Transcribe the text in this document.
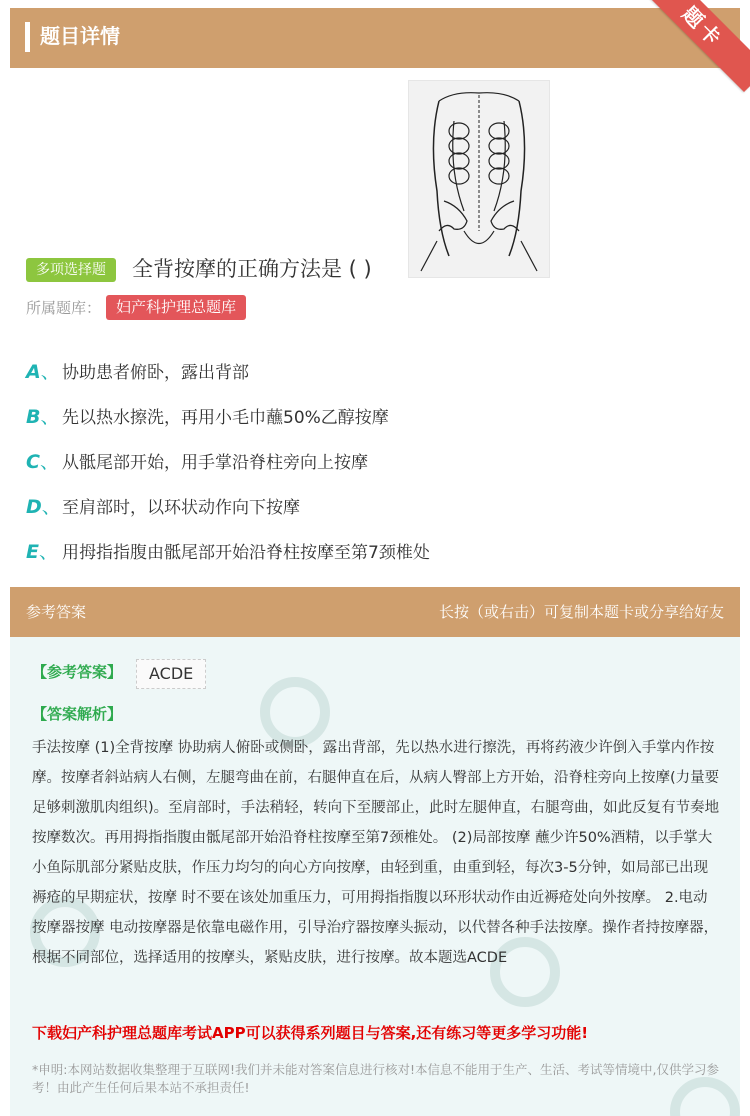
题目详情	题卡
多项选择题	全背按摩的正确方法是 ( )
所属题库： 妇产科护理总题库
A、 协助患者俯卧，露出背部
B、 先以热水擦洗，再用小毛巾蘸50%乙醇按摩
C、 从骶尾部开始，用手掌沿脊柱旁向上按摩
D、 至肩部时，以环状动作向下按摩
E、 用拇指指腹由骶尾部开始沿脊柱按摩至第7颈椎处
参考答案	长按（或右击）可复制本题卡或分享给好友
【参考答案】	ACDE
【答案解析】
手法按摩 (1)全背按摩 协助病人俯卧或侧卧，露出背部，先以热水进行擦洗，再将药液少许倒入手掌内作按摩。按摩者斜站病人右侧，左腿弯曲在前，右腿伸直在后，从病人臀部上方开始，沿脊柱旁向上按摩(力量要足够刺激肌肉组织)。至肩部时，手法稍轻，转向下至腰部止，此时左腿伸直，右腿弯曲，如此反复有节奏地按摩数次。再用拇指指腹由骶尾部开始沿脊柱按摩至第7颈椎处。 (2)局部按摩 蘸少许50%酒精，以手掌大小鱼际肌部分紧贴皮肤，作压力均匀的向心方向按摩，由轻到重，由重到轻，每次3-5分钟，如局部已出现褥疮的早期症状，按摩 时不要在该处加重压力，可用拇指指腹以环形状动作由近褥疮处向外按摩。 2.电动按摩器按摩 电动按摩器是依靠电磁作用，引导治疗器按摩头振动，以代替各种手法按摩。操作者持按摩器，根据不同部位，选择适用的按摩头，紧贴皮肤，进行按摩。故本题选ACDE
下载妇产科护理总题库考试APP可以获得系列题目与答案,还有练习等更多学习功能!
*申明:本网站数据收集整理于互联网!我们并未能对答案信息进行核对!本信息不能用于生产、生活、考试等情境中,仅供学习参考！由此产生任何后果本站不承担责任!
